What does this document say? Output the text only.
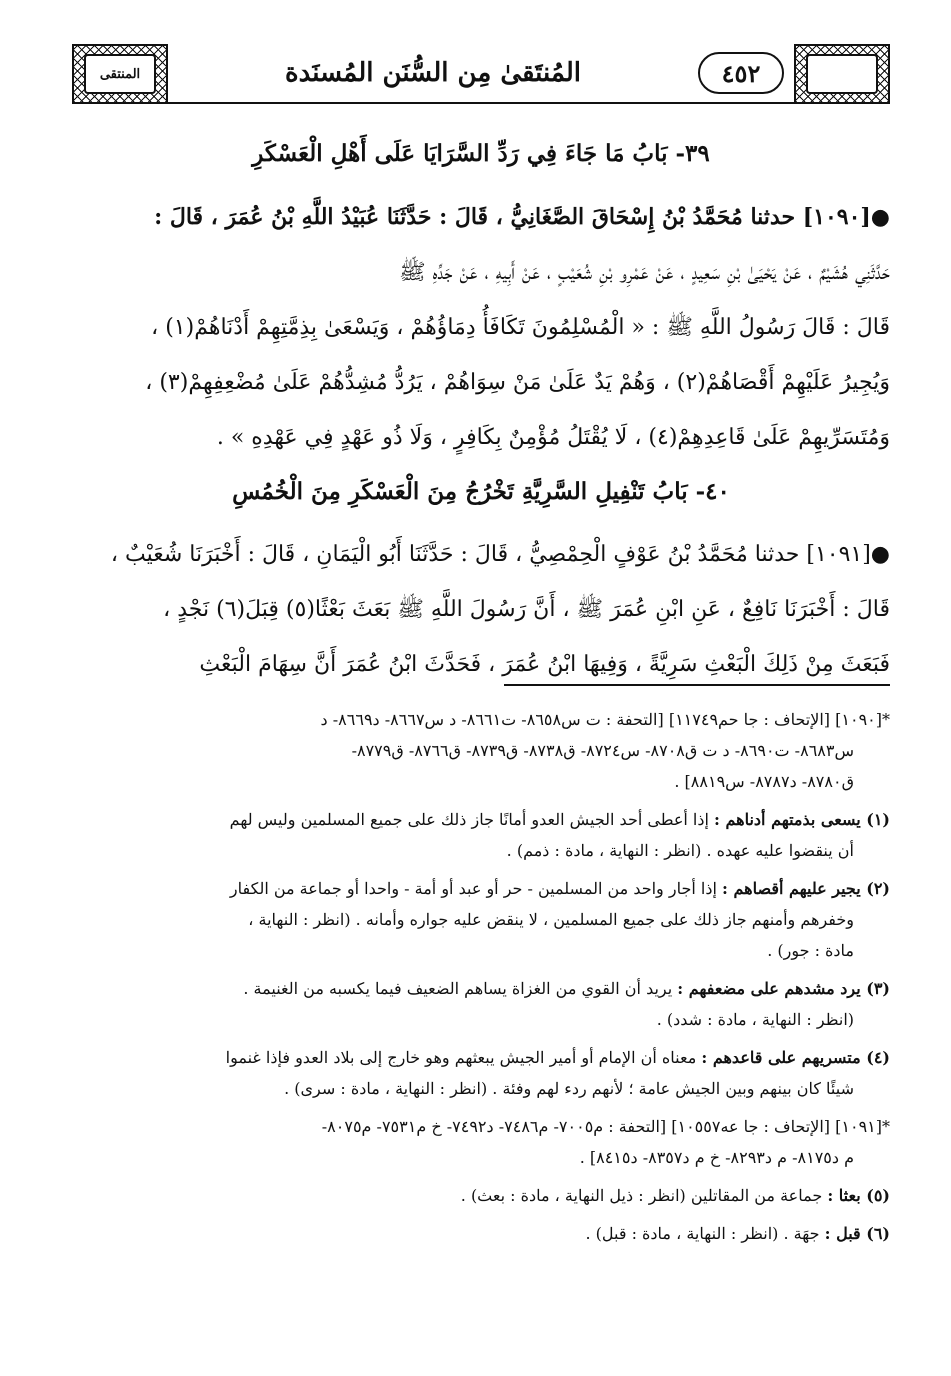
المنتقى	المُنتَقىٰ مِن السُّنَن المُسنَدة	٤٥٢
٣٩- بَابُ مَا جَاءَ فِي رَدِّ السَّرَايَا عَلَى أَهْلِ الْعَسْكَرِ
●[١٠٩٠] حدثنا مُحَمَّدُ بْنُ إِسْحَاقَ الصَّغَانِيُّ ، قَالَ : حَدَّثَنَا عُبَيْدُ اللَّهِ بْنُ عُمَرَ ، قَالَ :
حَدَّثَنِي هُشَيْمٌ ، عَنْ يَحْيَىٰ بْنِ سَعِيدٍ ، عَنْ عَمْرِو بْنِ شُعَيْبٍ ، عَنْ أَبِيهِ ، عَنْ جَدِّهِ ﷺ
قَالَ : قَالَ رَسُولُ اللَّهِ ﷺ : « الْمُسْلِمُونَ تَكَافَأُ دِمَاؤُهُمْ ، وَيَسْعَىٰ بِذِمَّتِهِمْ أَدْنَاهُمْ(١) ،
وَيُجِيرُ عَلَيْهِمْ أَقْصَاهُمْ(٢) ، وَهُمْ يَدٌ عَلَىٰ مَنْ سِوَاهُمْ ، يَرُدُّ مُشِدُّهُمْ عَلَىٰ مُضْعِفِهِمْ(٣) ،
وَمُتَسَرِّيهِمْ عَلَىٰ قَاعِدِهِمْ(٤) ، لَا يُقْتَلُ مُؤْمِنٌ بِكَافِرٍ ، وَلَا ذُو عَهْدٍ فِي عَهْدِهِ » .
٤٠- بَابُ تَنْفِيلِ السَّرِيَّةِ تَخْرُجُ مِنَ الْعَسْكَرِ مِنَ الْخُمُسِ
●[١٠٩١] حدثنا مُحَمَّدُ بْنُ عَوْفٍ الْحِمْصِيُّ ، قَالَ : حَدَّثَنَا أَبُو الْيَمَانِ ، قَالَ : أَخْبَرَنَا شُعَيْبٌ ،
قَالَ : أَخْبَرَنَا نَافِعٌ ، عَنِ ابْنِ عُمَرَ ﷺ ، أَنَّ رَسُولَ اللَّهِ ﷺ بَعَثَ بَعْثًا(٥) قِبَلَ(٦) نَجْدٍ ،
فَبَعَثَ مِنْ ذَلِكَ الْبَعْثِ سَرِيَّةً ، وَفِيهَا ابْنُ عُمَرَ ، فَحَدَّثَ ابْنُ عُمَرَ أَنَّ سِهَامَ الْبَعْثِ
*[١٠٩٠] [الإتحاف : جا حم١١٧٤٩] [التحفة : ت س٨٦٥٨- ت٨٦٦١- د س٨٦٦٧- د٨٦٦٩- د
س٨٦٨٣- ت٨٦٩٠- د ت ق٨٧٠٨- س٨٧٢٤- ق٨٧٣٨- ق٨٧٣٩- ق٨٧٦٦- ق٨٧٧٩-
ق٨٧٨٠- د٨٧٨٧- س٨٨١٩] .
(١) يسعى بذمتهم أدناهم : إذا أعطى أحد الجيش العدو أمانًا جاز ذلك على جميع المسلمين وليس لهم
أن ينقضوا عليه عهده . (انظر : النهاية ، مادة : ذمم) .
(٢) يجير عليهم أقصاهم : إذا أجار واحد من المسلمين - حر أو عبد أو أمة - واحدا أو جماعة من الكفار
وخفرهم وأمنهم جاز ذلك على جميع المسلمين ، لا ينقض عليه جواره وأمانه . (انظر : النهاية ،
مادة : جور) .
(٣) يرد مشدهم على مضعفهم : يريد أن القوي من الغزاة يساهم الضعيف فيما يكسبه من الغنيمة .
(انظر : النهاية ، مادة : شدد) .
(٤) متسريهم على قاعدهم : معناه أن الإمام أو أمير الجيش يبعثهم وهو خارج إلى بلاد العدو فإذا غنموا
شيئًا كان بينهم وبين الجيش عامة ؛ لأنهم ردء لهم وفئة . (انظر : النهاية ، مادة : سرى) .
*[١٠٩١] [الإتحاف : جا عه١٠٥٥٧] [التحفة : م٧٠٠٥- م٧٤٨٦- د٧٤٩٢- خ م٧٥٣١- م٨٠٧٥-
م د٨١٧٥- م د٨٢٩٣- خ م د٨٣٥٧- د٨٤١٥] .
(٥) بعثا : جماعة من المقاتلين (انظر : ذيل النهاية ، مادة : بعث) .
(٦) قبل : جهَة . (انظر : النهاية ، مادة : قبل) .
